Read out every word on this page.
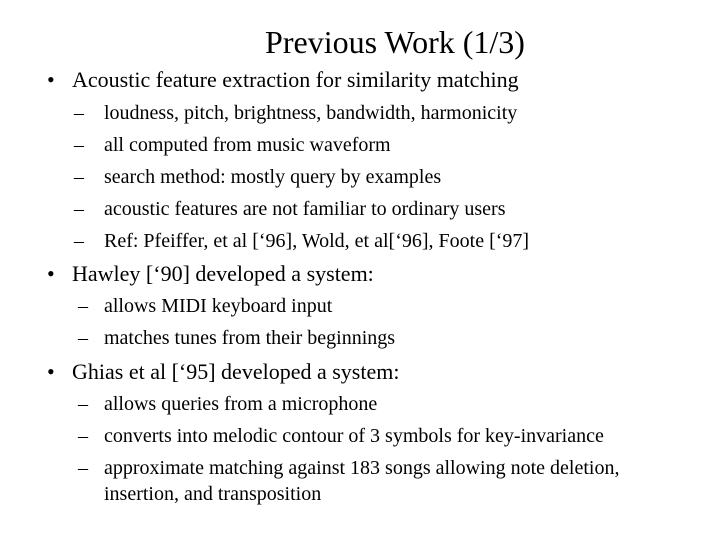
Previous Work (1/3)
• Acoustic feature extraction for similarity matching
– loudness, pitch, brightness, bandwidth, harmonicity
– all computed from music waveform
– search method: mostly query by examples
– acoustic features are not familiar to ordinary users
– Ref: Pfeiffer, et al [‘96], Wold, et al[‘96], Foote [‘97]
• Hawley [‘90] developed a system:
– allows MIDI keyboard input
– matches tunes from their beginnings
• Ghias et al [‘95] developed a system:
– allows queries from a microphone
– converts into melodic contour of 3 symbols for key-invariance
– approximate matching against 183 songs allowing note deletion,
insertion, and transposition
